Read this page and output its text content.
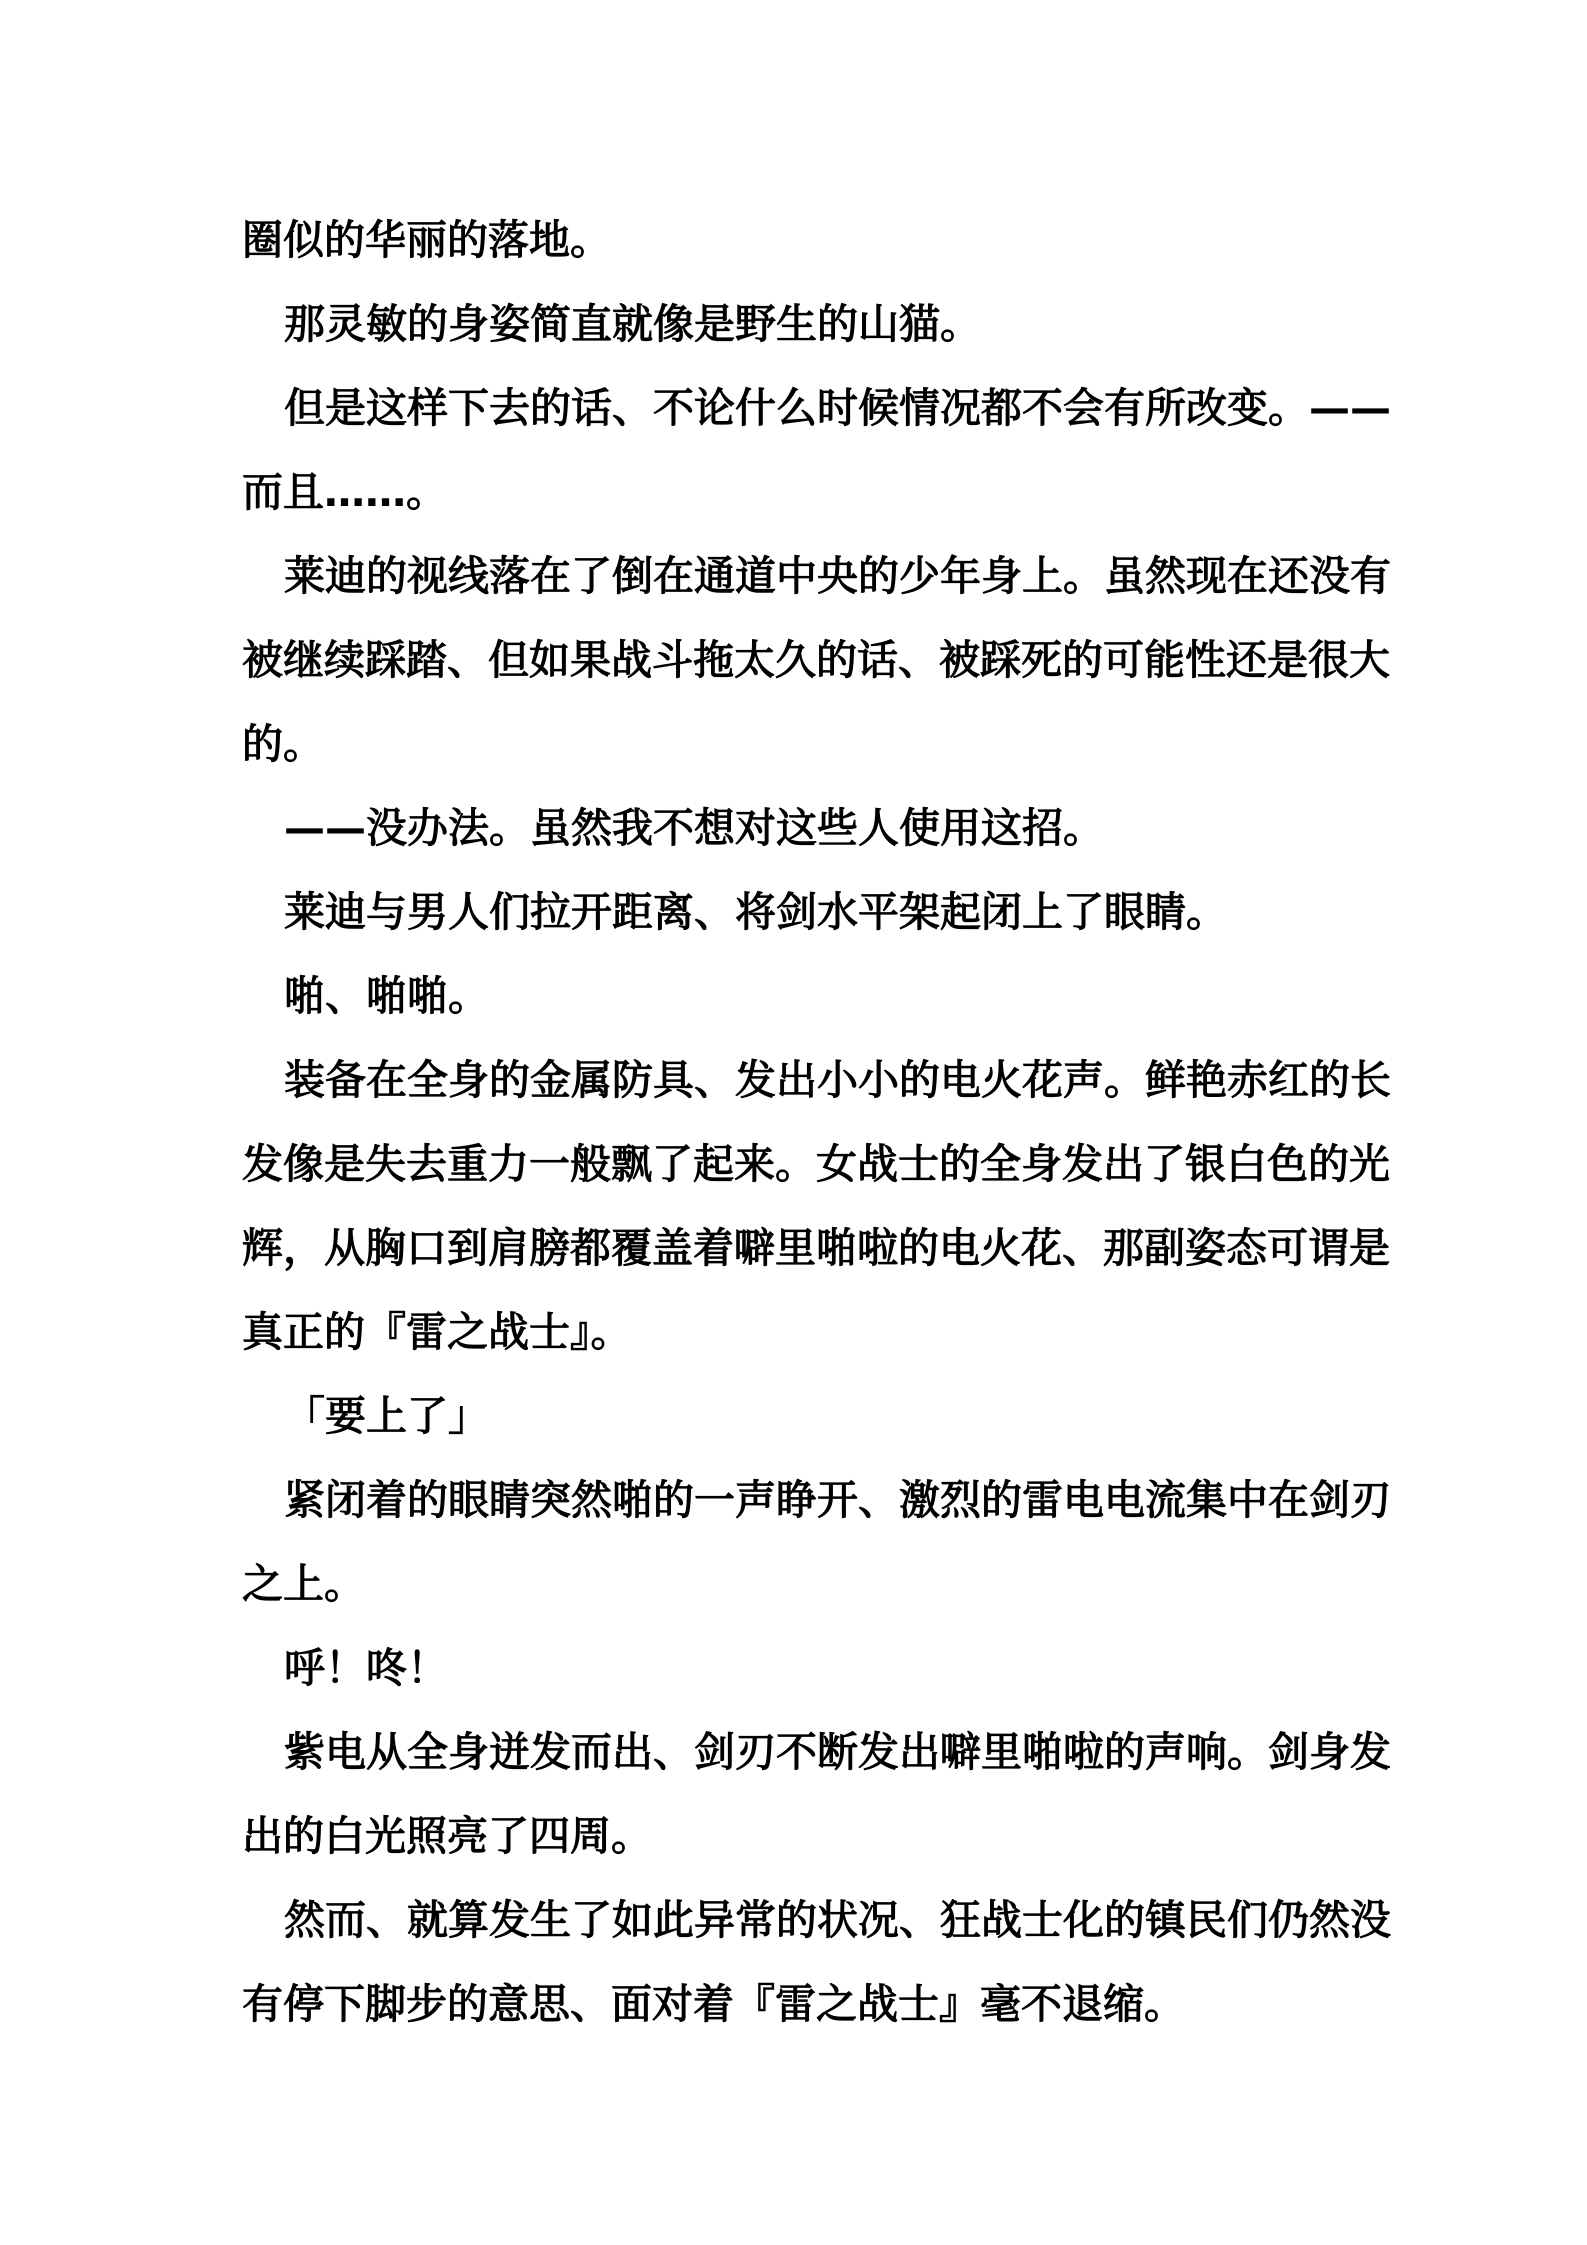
圈似的华丽的落地。
那灵敏的身姿简直就像是野生的山猫。
但是这样下去的话、不论什么时候情况都不会有所改变。——
而且……。
莱迪的视线落在了倒在通道中央的少年身上。虽然现在还没有
被继续踩踏、但如果战斗拖太久的话、被踩死的可能性还是很大
的。
——没办法。虽然我不想对这些人使用这招。
莱迪与男人们拉开距离、将剑水平架起闭上了眼睛。
啪、啪啪。
装备在全身的金属防具、发出小小的电火花声。鲜艳赤红的长
发像是失去重力一般飘了起来。女战士的全身发出了银白色的光
辉，从胸口到肩膀都覆盖着噼里啪啦的电火花、那副姿态可谓是
真正的『雷之战士』。
「要上了」
紧闭着的眼睛突然啪的一声睁开、激烈的雷电电流集中在剑刃
之上。
呼！咚！
紫电从全身迸发而出、剑刃不断发出噼里啪啦的声响。剑身发
出的白光照亮了四周。
然而、就算发生了如此异常的状况、狂战士化的镇民们仍然没
有停下脚步的意思、面对着『雷之战士』毫不退缩。
